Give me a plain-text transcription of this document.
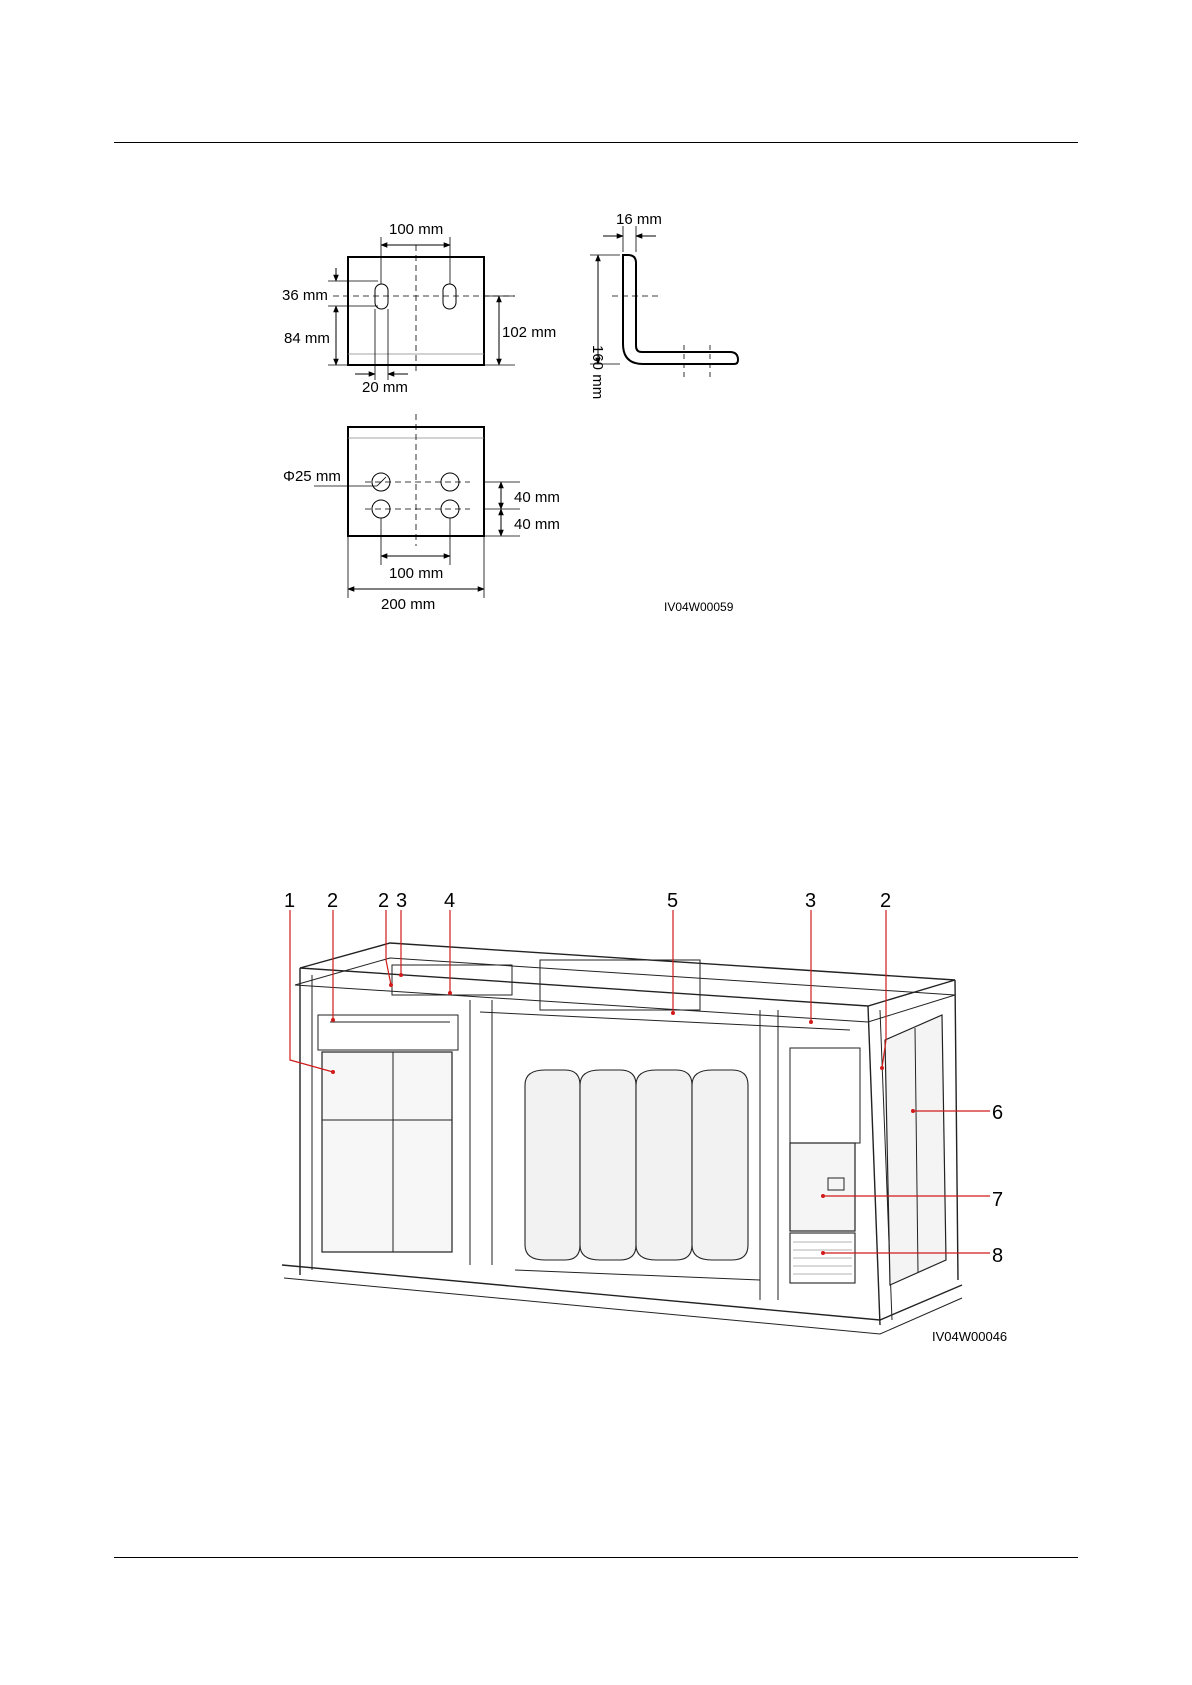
100 mm
36 mm
84 mm	102 mm
20 mm
16 mm
160 mm
Φ25 mm
40 mm
40 mm
100 mm
200 mm	IV04W00059
1 2 2 3 4	5	3	2
6
7
8
IV04W00046
